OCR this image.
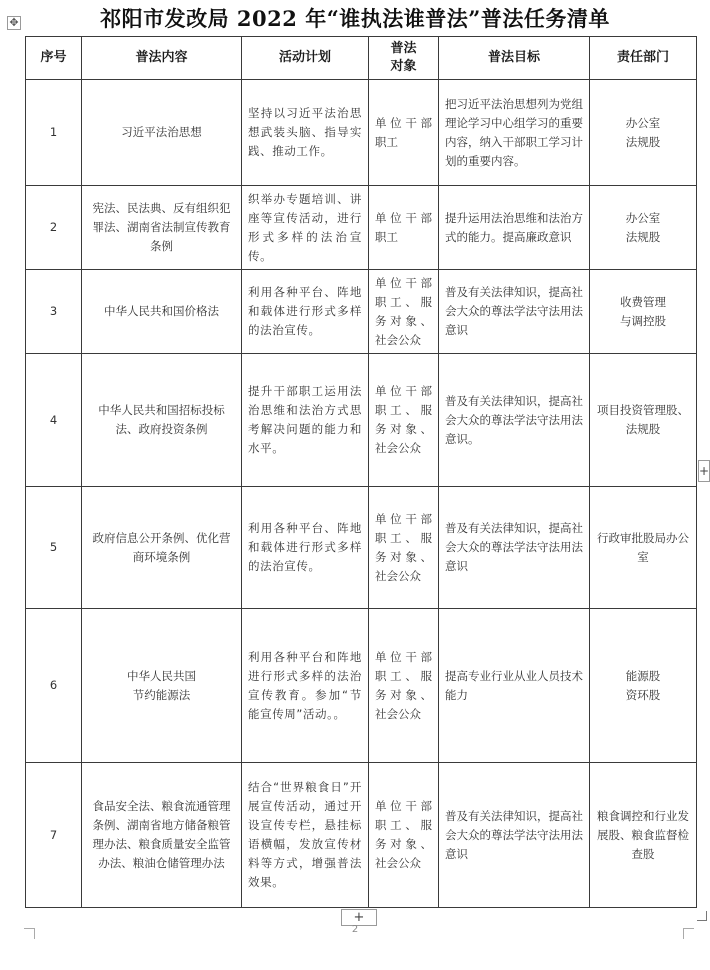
✥	祁阳市发改局 2022 年“谁执法谁普法”普法任务清单
序号	普法内容	活动计划	普法
对象	普法目标	责任部门
1	习近平法治思想	坚持以习近平法治思想武装头脑、指导实践、推动工作。	单位干部职工	把习近平法治思想列为党组理论学习中心组学习的重要内容，纳入干部职工学习计划的重要内容。	办公室
法规股
2	宪法、民法典、反有组织犯罪法、湖南省法制宣传教育条例	织举办专题培训、讲座等宣传活动，进行形式多样的法治宣传。	单位干部职工	提升运用法治思维和法治方式的能力。提高廉政意识	办公室
法规股
3	中华人民共和国价格法	利用各种平台、阵地和载体进行形式多样的法治宣传。	单位干部职工、服务对象、社会公众	普及有关法律知识，提高社会大众的尊法学法守法用法意识	收费管理
与调控股
4	中华人民共和国招标投标法、政府投资条例	提升干部职工运用法治思维和法治方式思考解决问题的能力和水平。	单位干部职工、服务对象、社会公众	普及有关法律知识，提高社会大众的尊法学法守法用法意识。	项目投资管理股、法规股
5	政府信息公开条例、优化营商环境条例	利用各种平台、阵地和载体进行形式多样的法治宣传。	单位干部职工、服务对象、社会公众	普及有关法律知识，提高社会大众的尊法学法守法用法意识	行政审批股局办公室
6	中华人民共国
节约能源法	利用各种平台和阵地进行形式多样的法治宣传教育。参加“节能宣传周”活动。。	单位干部职工、服务对象、社会公众	提高专业行业从业人员技术能力	能源股
资环股
7	食品安全法、粮食流通管理条例、湖南省地方储备粮管理办法、粮食质量安全监管办法、粮油仓储管理办法	结合“世界粮食日”开展宣传活动，通过开设宣传专栏，悬挂标语横幅，发放宣传材料等方式，增强普法效果。	单位干部职工、服务对象、社会公众	普及有关法律知识，提高社会大众的尊法学法守法用法意识	粮食调控和行业发展股、粮食监督检查股
+
+
2
